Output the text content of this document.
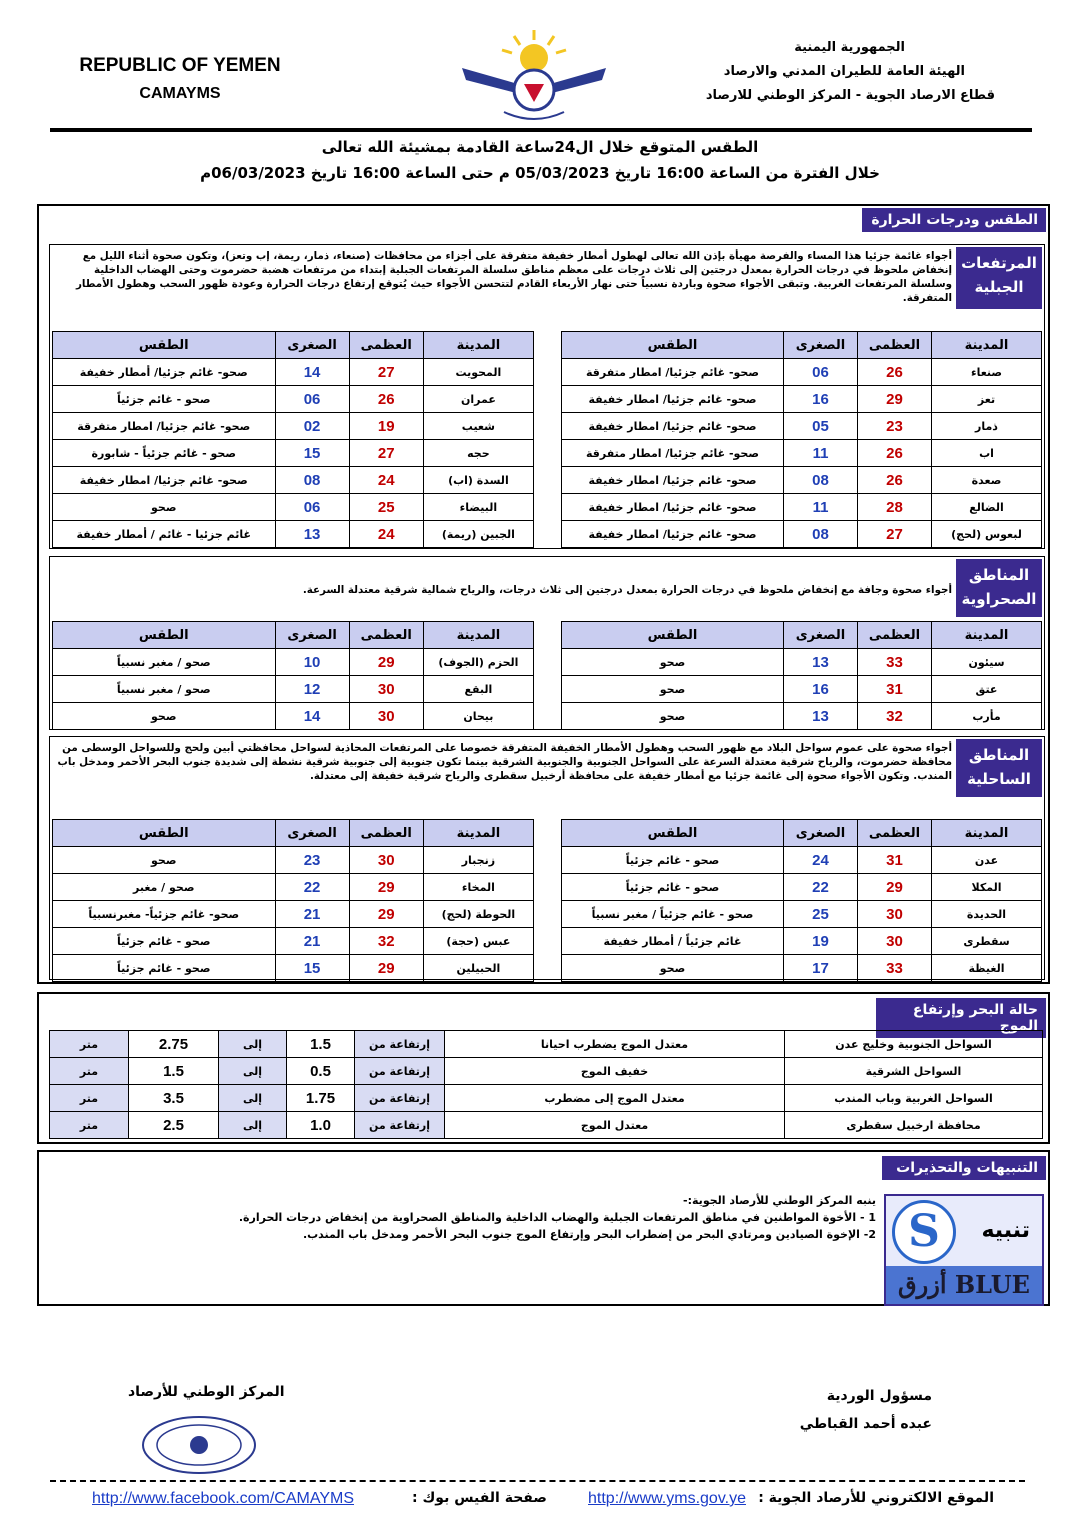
REPUBLIC OF YEMEN
CAMAYMS
الجمهورية اليمنية
الهيئة العامة للطيران المدني والارصاد
قطاع الارصاد الجوية - المركز الوطني للارصاد
الطقس المتوقع خلال ال24ساعة القادمة بمشيئة الله تعالى
خلال الفترة من الساعة 16:00 تاريخ 05/03/2023 م حتى الساعة 16:00 تاريخ 06/03/2023م
الطقس ودرجات الحرارة
المرتفعات الجبلية
أجواء غائمة جزئيا هذا المساء والفرصة مهيأة بإذن الله تعالى لهطول أمطار خفيفة متفرقة على أجزاء من محافظات (صنعاء، ذمار، ريمة، إب وتعز)، وتكون صحوة أثناء الليل مع إنخفاض ملحوظ في درجات الحرارة بمعدل درجتين إلى ثلاث درجات على معظم مناطق سلسلة المرتفعات الجبلية إبتداء من مرتفعات هضبة حضرموت وحتى الهضاب الداخلية وسلسلة المرتفعات الغربية. وتبقى الأجواء صحوة وباردة نسبياً حتى نهار الأربعاء القادم لتتحسن الأجواء حيث يُتوقع إرتفاع درجات الحرارة وعودة ظهور السحب وهطول الأمطار المتفرقة.
المدينة	العظمى	الصغرى	الطقس
صنعاء	26	06	صحو- غائم جزئيا/ امطار متفرقة
تعز	29	16	صحو- غائم جزئيا/ امطار خفيفة
ذمار	23	05	صحو- غائم جزئيا/ امطار خفيفة
اب	26	11	صحو- غائم جزئيا/ امطار متفرقة
صعدة	26	08	صحو- غائم جزئيا/ امطار خفيفة
الضالع	28	11	صحو- غائم جزئيا/ امطار خفيفة
لبعوس (لحج)	27	08	صحو- غائم جزئيا/ امطار خفيفة
المدينة	العظمى	الصغرى	الطقس
المحويت	27	14	صحو- غائم جزئيا/ أمطار خفيفة
عمران	26	06	صحو - غائم جزئياً
شعيب	19	02	صحو- غائم جزئيا/ امطار متفرقة
حجه	27	15	صحو - غائم جزئياً - شابورة
السدة (اب)	24	08	صحو- غائم جزئيا/ امطار خفيفة
البيضاء	25	06	صحو
الجبين (ريمة)	24	13	غائم جزئيا - غائم / أمطار خفيفة
المناطق الصحراوية
أجواء صحوة وجافة مع إنخفاض ملحوظ في درجات الحرارة بمعدل درجتين إلى ثلاث درجات، والرياح شمالية شرقية معتدلة السرعة.
المدينة	العظمى	الصغرى	الطقس
سيئون	33	13	صحو
عتق	31	16	صحو
مأرب	32	13	صحو
المدينة	العظمى	الصغرى	الطقس
الحزم (الجوف)	29	10	صحو / مغبر نسبياً
البقع	30	12	صحو / مغبر نسبياً
بيحان	30	14	صحو
المناطق الساحلية
أجواء صحوة على عموم سواحل البلاد مع ظهور السحب وهطول الأمطار الخفيفة المتفرقة خصوصا على المرتفعات المحاذية لسواحل محافظتي أبين ولحج وللسواحل الوسطى من محافظة حضرموت، والرياح شرقية معتدلة السرعة على السواحل الجنوبية والجنوبية الشرقية بينما تكون جنوبية إلى جنوبية شرقية نشطة إلى شديدة جنوب البحر الأحمر ومدخل باب المندب. وتكون الأجواء صحوة إلى غائمة جزئيا مع أمطار خفيفة على محافظة أرخبيل سقطرى والرياح شرقية خفيفة إلى معتدلة.
المدينة	العظمى	الصغرى	الطقس
عدن	31	24	صحو - غائم جزئياً
المكلا	29	22	صحو - غائم جزئياً
الحديدة	30	25	صحو - غائم جزئياً / مغبر نسبياً
سقطرى	30	19	غائم جزئياً / أمطار خفيفة
الغيظة	33	17	صحو
المدينة	العظمى	الصغرى	الطقس
زنجبار	30	23	صحو
المخاء	29	22	صحو / مغبر
الحوطة (لحج)	29	21	صحو- غائم جزئياً- مغبرنسبياً
عبس (حجة)	32	21	صحو - غائم جزئياً
الحبيلين	29	15	صحو - غائم جزئياً
حالة البحر وإرتفاع الموج
السواحل الجنوبية وخليج عدن	معتدل الموج يضطرب احيانا	إرتفاعة من	1.5	إلى	2.75	متر
السواحل الشرقية	خفيف الموج	إرتفاعة من	0.5	إلى	1.5	متر
السواحل الغربية وباب المندب	معتدل الموج إلى مضطرب	إرتفاعة من	1.75	إلى	3.5	متر
محافظة ارخبيل سقطرى	معتدل الموج	إرتفاعة من	1.0	إلى	2.5	متر
التنبيهات والتحذيرات
ينبه المركز الوطني للأرصاد الجوية:-
1 - الأخوة المواطنين في مناطق المرتفعات الجبلية والهضاب الداخلية والمناطق الصحراوية من إنخفاض درجات الحرارة.
2- الإخوة الصيادين ومرتادي البحر من إضطراب البحر وإرتفاع الموج جنوب البحر الأحمر ومدخل باب المندب.	تنبيه
S
BLUE أزرق
المركز الوطني للأرصاد	مسؤول الوردية
عبده أحمد القباطي
الموقع الالكتروني للأرصاد الجوية :
http://www.yms.gov.ye
صفحة الفيس بوك :
http://www.facebook.com/CAMAYMS
